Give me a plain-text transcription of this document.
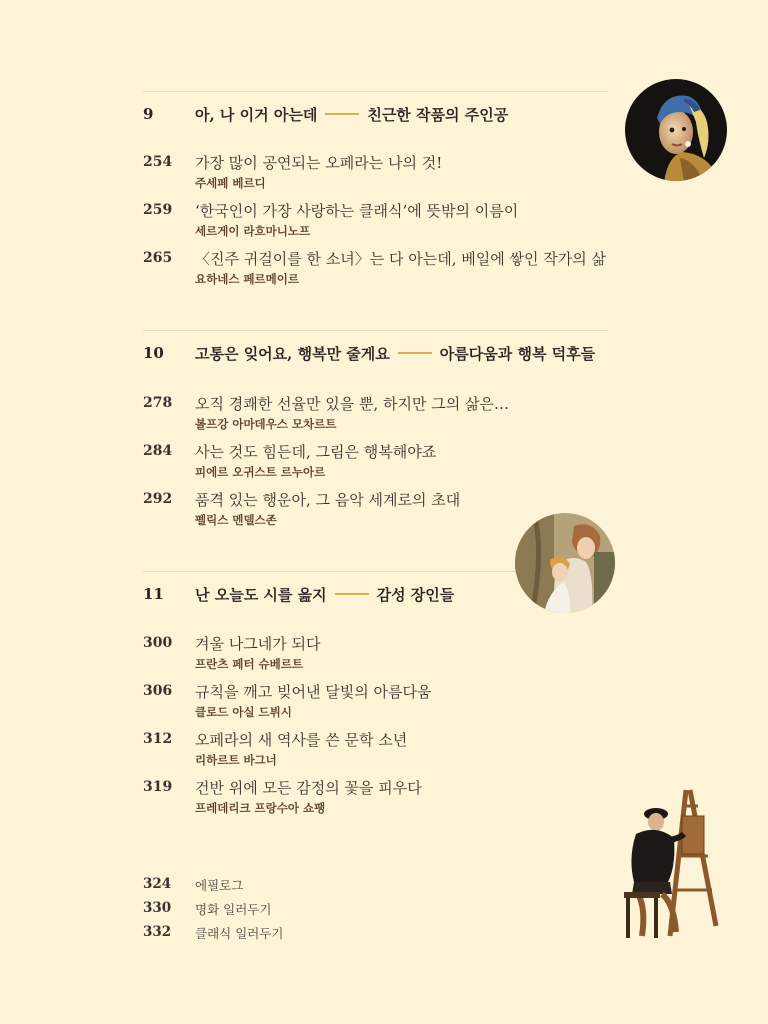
9	아, 나 이거 아는데	친근한 작품의 주인공
254 가장 많이 공연되는 오페라는 나의 것!
주세페 베르디
259 ‘한국인이 가장 사랑하는 클래식’에 뜻밖의 이름이
세르게이 라흐마니노프
265 〈진주 귀걸이를 한 소녀〉는 다 아는데, 베일에 쌓인 작가의 삶
요하네스 페르메이르
10 고통은 잊어요, 행복만 줄게요	아름다움과 행복 덕후들
278 오직 경쾌한 선율만 있을 뿐, 하지만 그의 삶은…
볼프강 아마데우스 모차르트
284 사는 것도 힘든데, 그림은 행복해야죠
피에르 오귀스트 르누아르
292 품격 있는 행운아, 그 음악 세계로의 초대
펠릭스 멘델스존
11 난 오늘도 시를 읊지	감성 장인들
300 겨울 나그네가 되다
프란츠 페터 슈베르트
306 규칙을 깨고 빚어낸 달빛의 아름다움
클로드 아실 드뷔시
312 오페라의 새 역사를 쓴 문학 소년
리하르트 바그너
319 건반 위에 모든 감정의 꽃을 피우다
프레데리크 프랑수아 쇼팽
324 에필로그
330 명화 일러두기
332 클래식 일러두기
